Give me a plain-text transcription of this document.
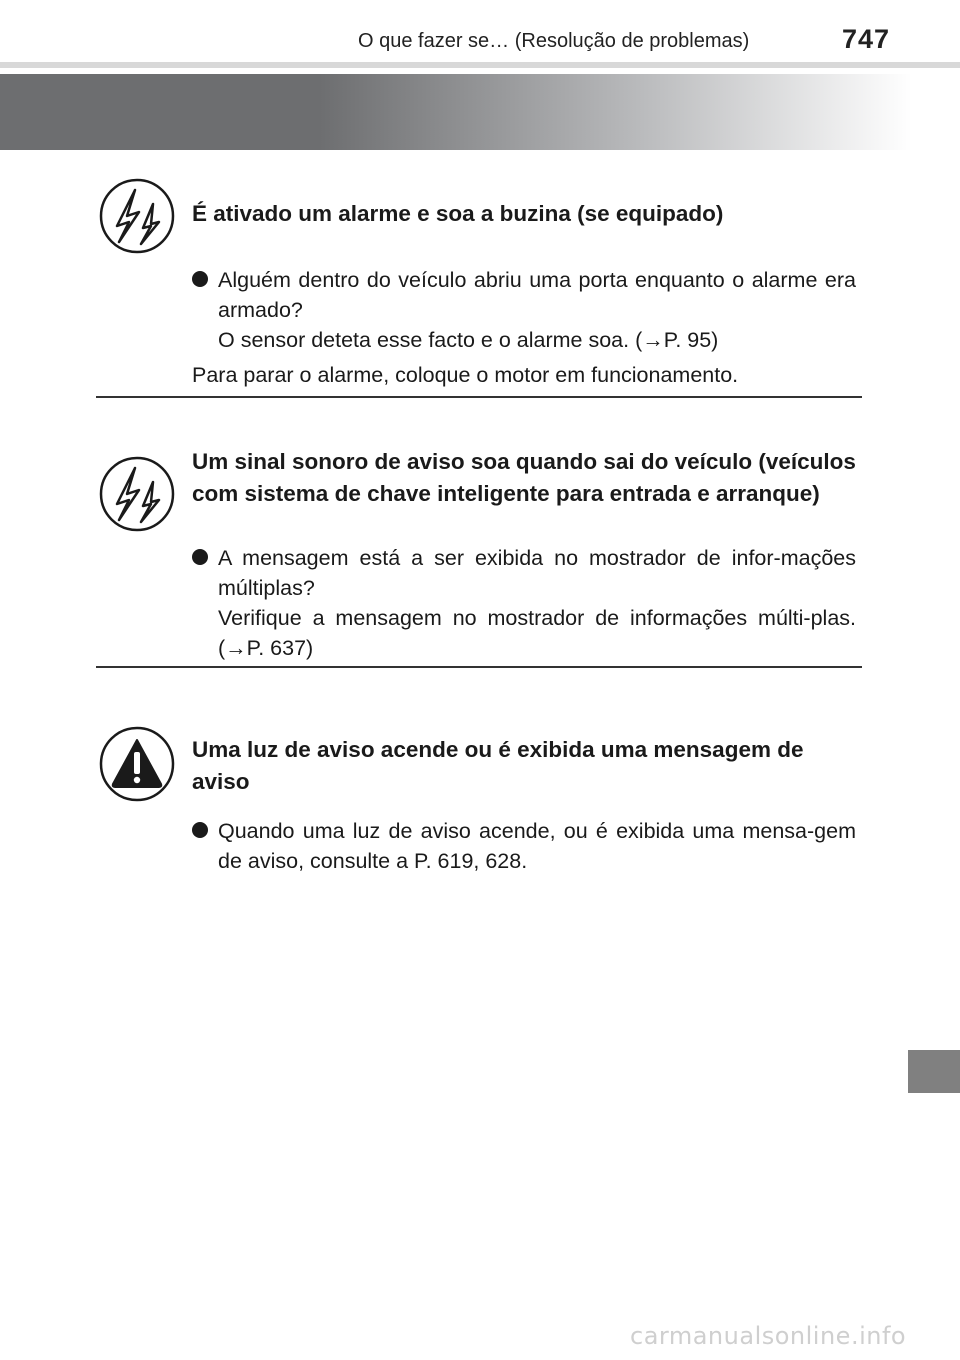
O que fazer se… (Resolução de problemas)	747
É ativado um alarme e soa a buzina (se equipado)

Alguém dentro do veículo abriu uma porta enquanto o alarme era armado?

O sensor deteta esse facto e o alarme soa. (→P. 95)

Para parar o alarme, coloque o motor em funcionamento.
Um sinal sonoro de aviso soa quando sai do veículo (veículos com sistema de chave inteligente para entrada e arranque)

A mensagem está a ser exibida no mostrador de infor-mações múltiplas?

Verifique a mensagem no mostrador de informações múlti-plas. (→P. 637)

Uma luz de aviso acende ou é exibida uma mensagem de aviso

Quando uma luz de aviso acende, ou é exibida uma mensa-gem de aviso, consulte a P. 619, 628.

carmanualsonline.info
